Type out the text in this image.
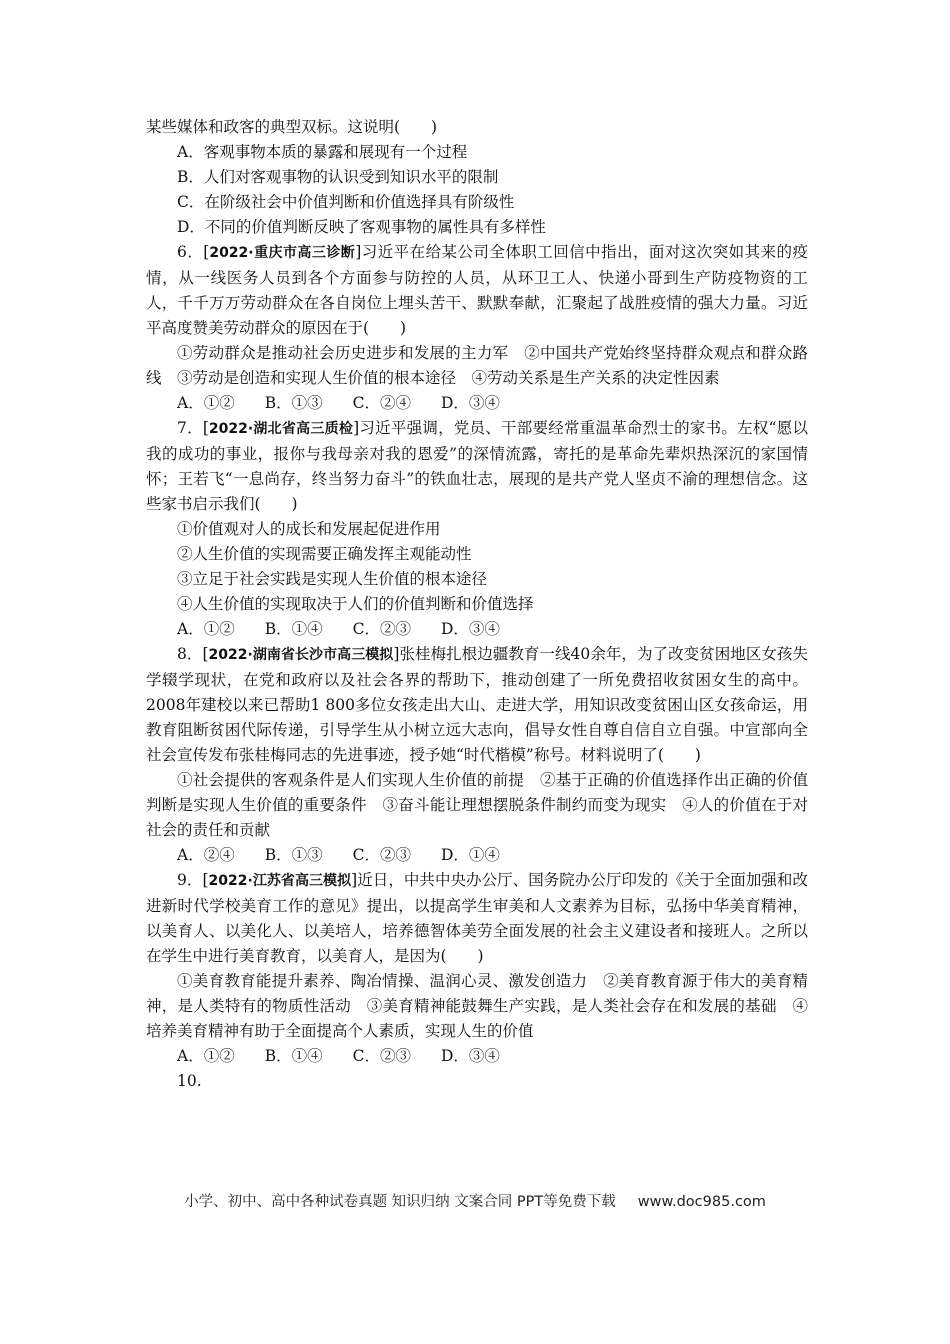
某些媒体和政客的典型双标。这说明(　　)

A．客观事物本质的暴露和展现有一个过程

B．人们对客观事物的认识受到知识水平的限制

C．在阶级社会中价值判断和价值选择具有阶级性

D．不同的价值判断反映了客观事物的属性具有多样性

6．[2022·重庆市高三诊断]习近平在给某公司全体职工回信中指出，面对这次突如其来的疫情，从一线医务人员到各个方面参与防控的人员，从环卫工人、快递小哥到生产防疫物资的工人，千千万万劳动群众在各自岗位上埋头苦干、默默奉献，汇聚起了战胜疫情的强大力量。习近平高度赞美劳动群众的原因在于(　　)

①劳动群众是推动社会历史进步和发展的主力军　②中国共产党始终坚持群众观点和群众路线　③劳动是创造和实现人生价值的根本途径　④劳动关系是生产关系的决定性因素

A．①② B．①③ C．②④ D．③④

7．[2022·湖北省高三质检]习近平强调，党员、干部要经常重温革命烈士的家书。左权“愿以我的成功的事业，报你与我母亲对我的恩爱”的深情流露，寄托的是革命先辈炽热深沉的家国情怀；王若飞“一息尚存，终当努力奋斗”的铁血壮志，展现的是共产党人坚贞不渝的理想信念。这些家书启示我们(　　)

①价值观对人的成长和发展起促进作用

②人生价值的实现需要正确发挥主观能动性

③立足于社会实践是实现人生价值的根本途径

④人生价值的实现取决于人们的价值判断和价值选择

A．①② B．①④ C．②③ D．③④

8．[2022·湖南省长沙市高三模拟]张桂梅扎根边疆教育一线40余年，为了改变贫困地区女孩失学辍学现状，在党和政府以及社会各界的帮助下，推动创建了一所免费招收贫困女生的高中。2008年建校以来已帮助1 800多位女孩走出大山、走进大学，用知识改变贫困山区女孩命运，用教育阻断贫困代际传递，引导学生从小树立远大志向，倡导女性自尊自信自立自强。中宣部向全社会宣传发布张桂梅同志的先进事迹，授予她“时代楷模”称号。材料说明了(　　)

①社会提供的客观条件是人们实现人生价值的前提　②基于正确的价值选择作出正确的价值判断是实现人生价值的重要条件　③奋斗能让理想摆脱条件制约而变为现实　④人的价值在于对社会的责任和贡献

A．②④ B．①③ C．②③ D．①④

9．[2022·江苏省高三模拟]近日，中共中央办公厅、国务院办公厅印发的《关于全面加强和改进新时代学校美育工作的意见》提出，以提高学生审美和人文素养为目标，弘扬中华美育精神，以美育人、以美化人、以美培人，培养德智体美劳全面发展的社会主义建设者和接班人。之所以在学生中进行美育教育，以美育人，是因为(　　)

①美育教育能提升素养、陶冶情操、温润心灵、激发创造力　②美育教育源于伟大的美育精神，是人类特有的物质性活动　③美育精神能鼓舞生产实践，是人类社会存在和发展的基础　④培养美育精神有助于全面提高个人素质，实现人生的价值

A．①② B．①④ C．②③ D．③④

10.

小学、初中、高中各种试卷真题 知识归纳 文案合同 PPT等免费下载 www.doc985.com
